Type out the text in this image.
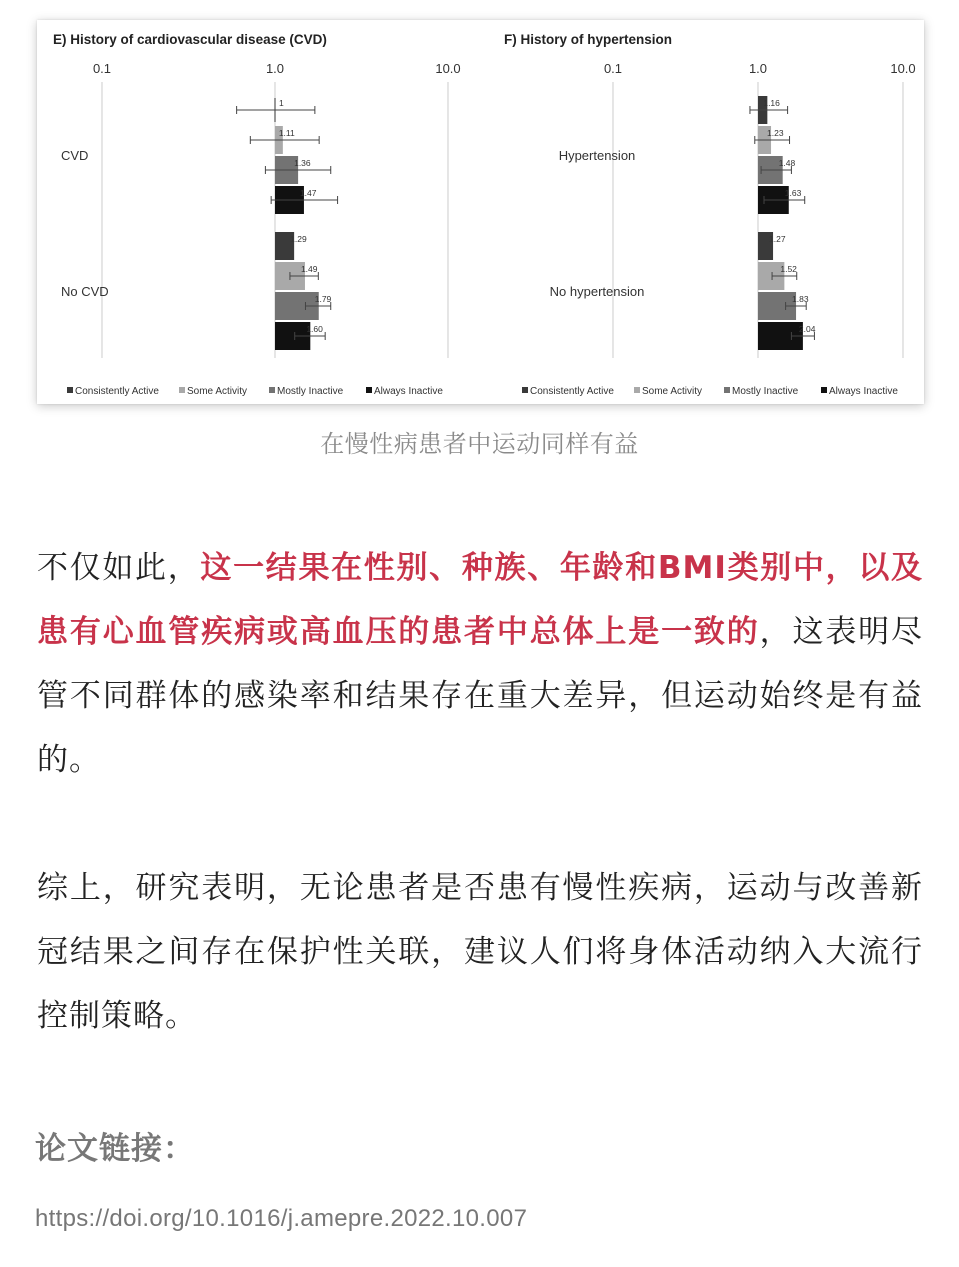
E) History of cardiovascular disease (CVD)
0.1	1.0	10.0
CVD
1
1.11
1.36
1.47
No CVD
1.29
1.49
1.79
1.60
Consistently Active	Some Activity	Mostly Inactive	Always Inactive
F) History of hypertension
0.1	1.0	10.0
Hypertension
1.16
1.23
1.48
1.63
No hypertension
1.27
1.52
1.83
2.04
Consistently Active	Some Activity	Mostly Inactive	Always Inactive
在慢性病患者中运动同样有益

不仅如此，这一结果在性别、种族、年龄和BMI类别中，以及患有心血管疾病或高血压的患者中总体上是一致的，这表明尽管不同群体的感染率和结果存在重大差异，但运动始终是有益的。

综上，研究表明，无论患者是否患有慢性疾病，运动与改善新冠结果之间存在保护性关联，建议人们将身体活动纳入大流行控制策略。

论文链接：

https://doi.org/10.1016/j.amepre.2022.10.007
